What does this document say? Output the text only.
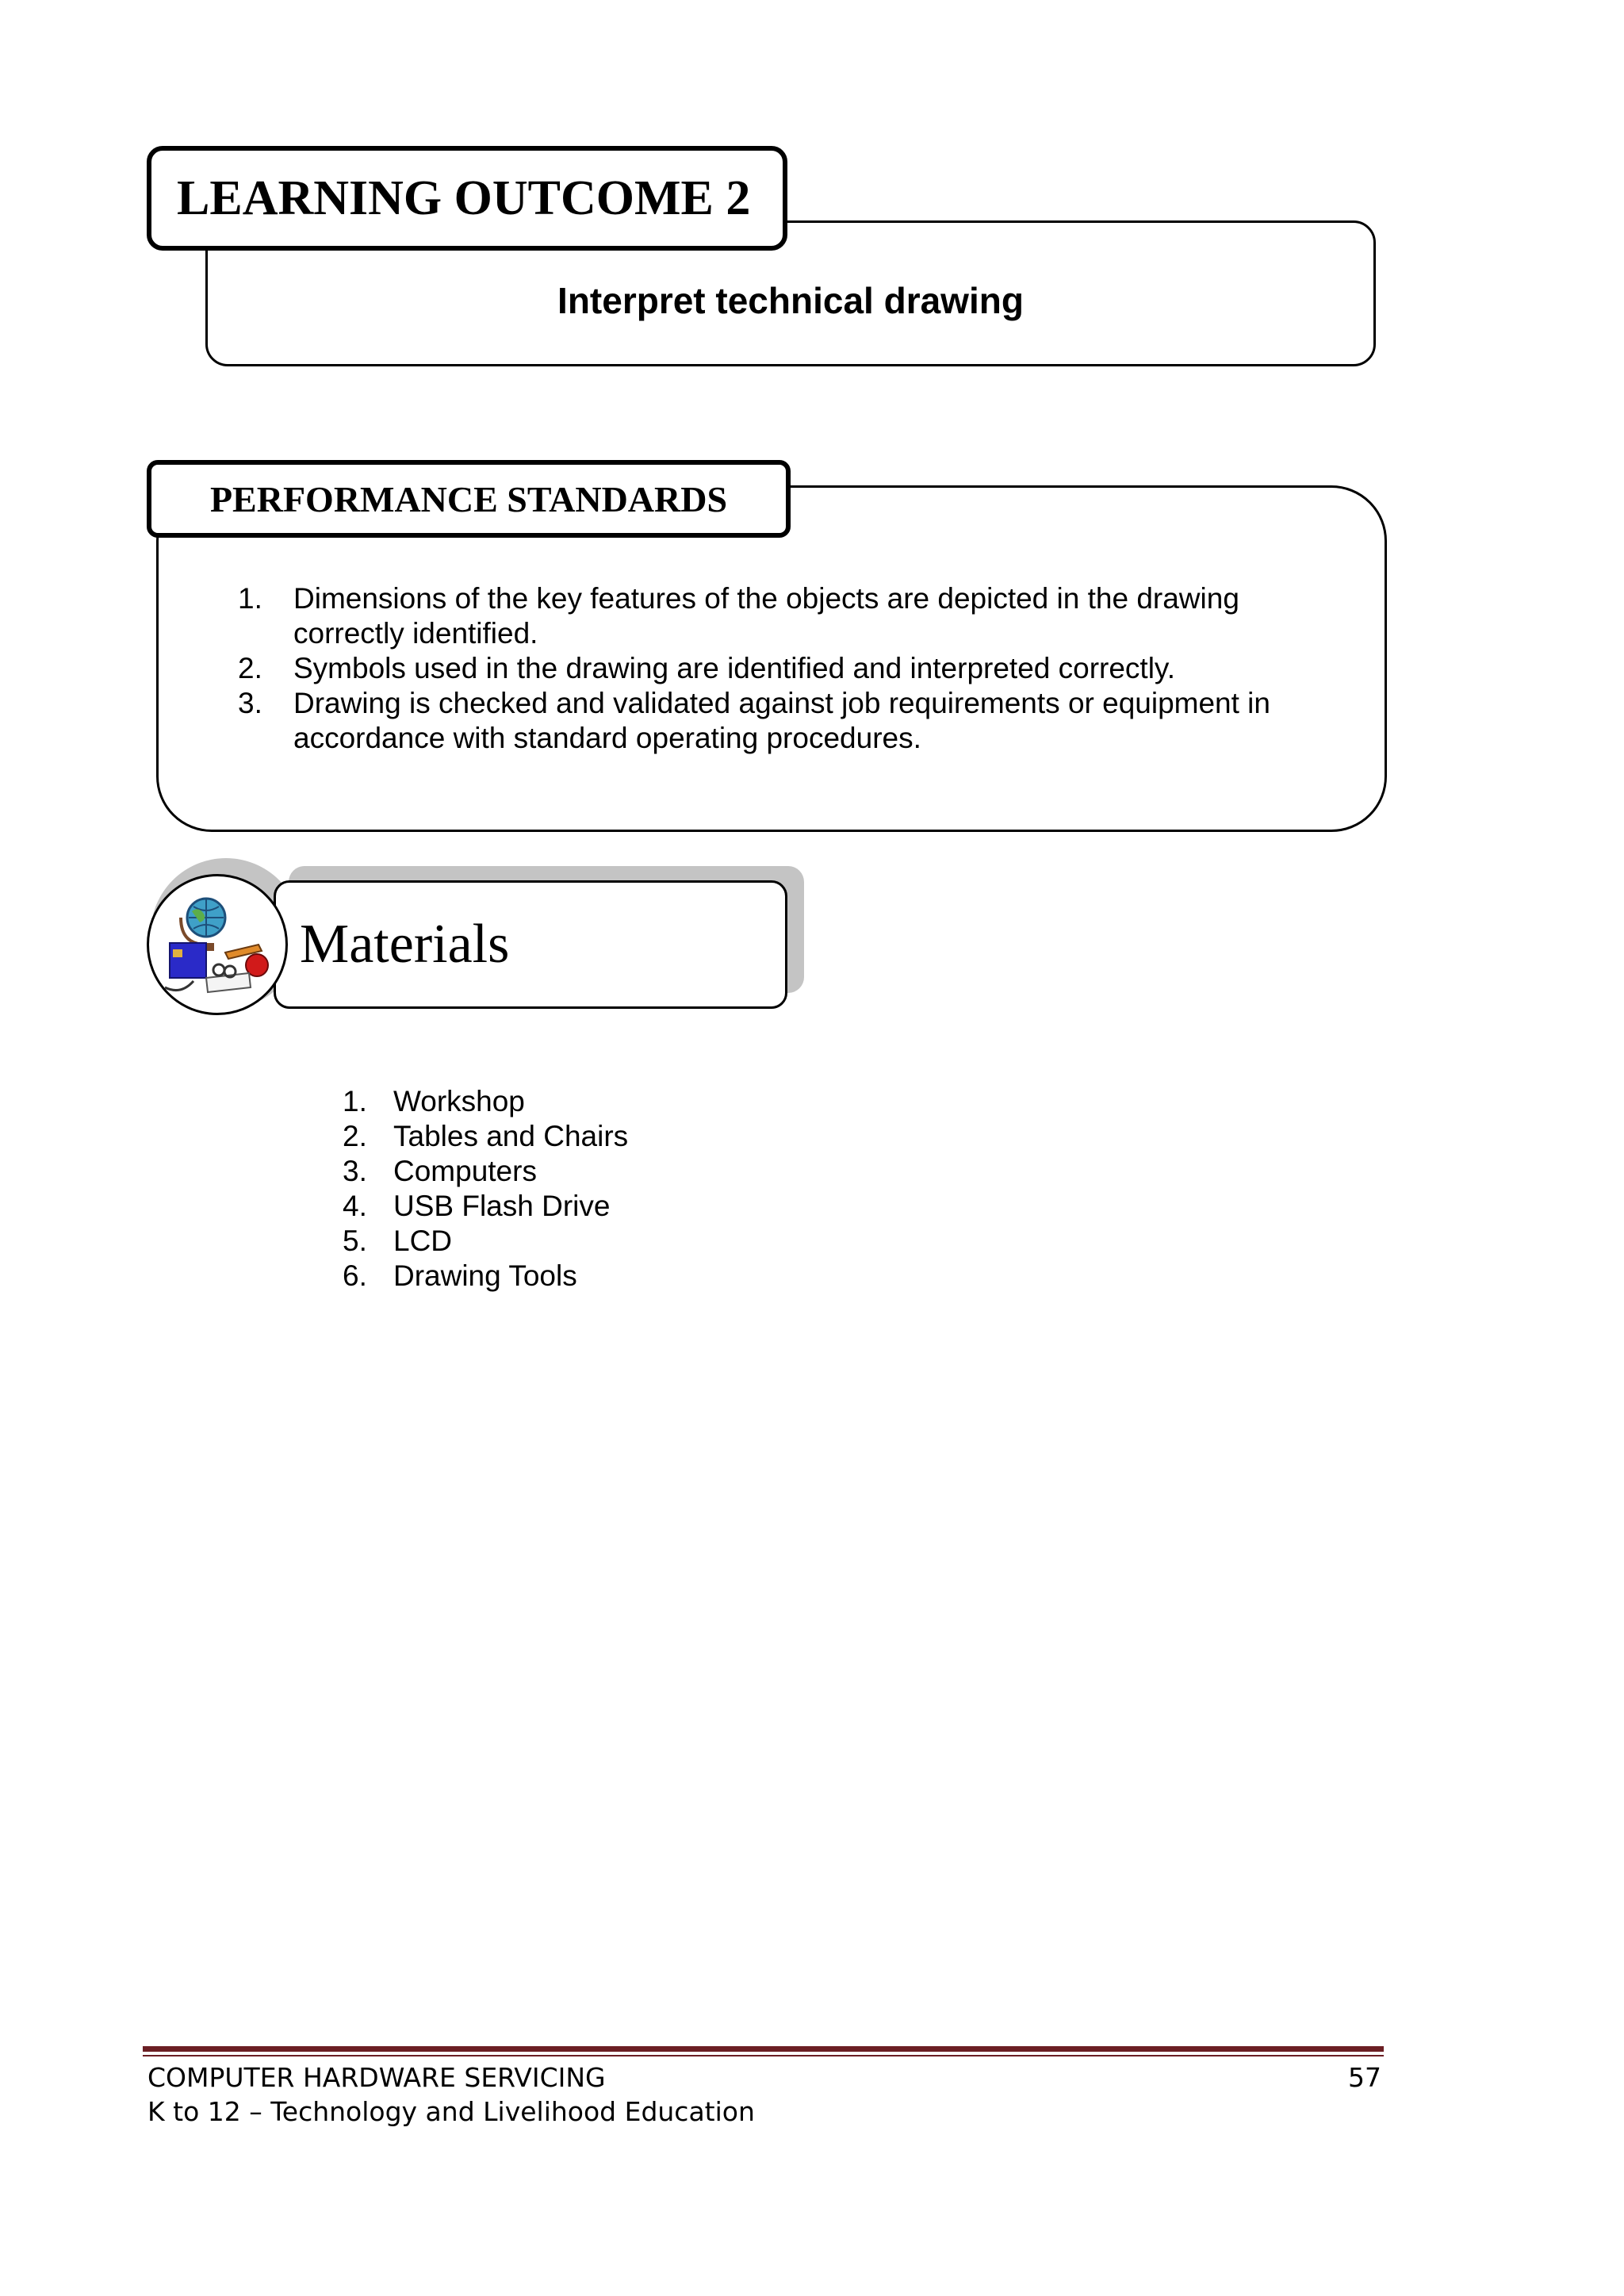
LEARNING OUTCOME 2
Interpret technical drawing
PERFORMANCE STANDARDS
1.	Dimensions of the key features of the objects are depicted in the drawing
correctly identified.
2.	Symbols used in the drawing are identified and interpreted correctly.
3.	Drawing is checked and validated against job requirements or equipment in
accordance with standard operating procedures.
Materials
1. Workshop
2. Tables and Chairs
3. Computers
4. USB Flash Drive
5. LCD
6. Drawing Tools
COMPUTER HARDWARE SERVICING
K to 12 – Technology and Livelihood Education
57
